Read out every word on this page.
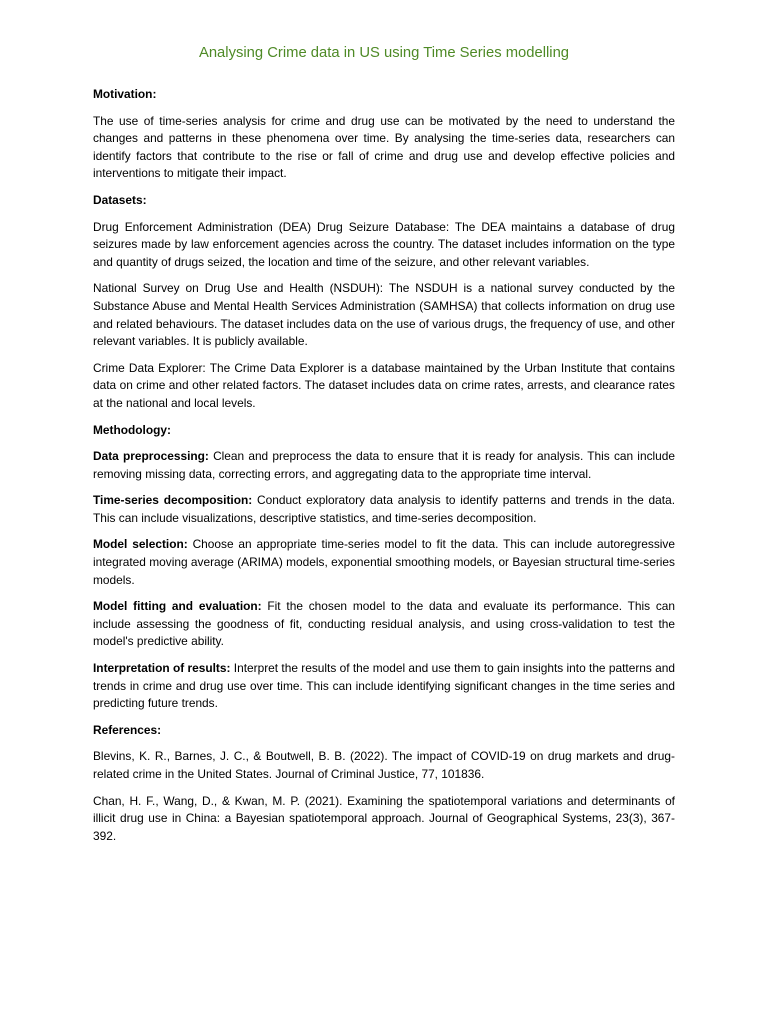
Analysing Crime data in US using Time Series modelling
Motivation:

The use of time-series analysis for crime and drug use can be motivated by the need to understand the changes and patterns in these phenomena over time. By analysing the time-series data, researchers can identify factors that contribute to the rise or fall of crime and drug use and develop effective policies and interventions to mitigate their impact.

Datasets:

Drug Enforcement Administration (DEA) Drug Seizure Database: The DEA maintains a database of drug seizures made by law enforcement agencies across the country. The dataset includes information on the type and quantity of drugs seized, the location and time of the seizure, and other relevant variables.

National Survey on Drug Use and Health (NSDUH): The NSDUH is a national survey conducted by the Substance Abuse and Mental Health Services Administration (SAMHSA) that collects information on drug use and related behaviours. The dataset includes data on the use of various drugs, the frequency of use, and other relevant variables. It is publicly available.

Crime Data Explorer: The Crime Data Explorer is a database maintained by the Urban Institute that contains data on crime and other related factors. The dataset includes data on crime rates, arrests, and clearance rates at the national and local levels.

Methodology:

Data preprocessing: Clean and preprocess the data to ensure that it is ready for analysis. This can include removing missing data, correcting errors, and aggregating data to the appropriate time interval.

Time-series decomposition: Conduct exploratory data analysis to identify patterns and trends in the data. This can include visualizations, descriptive statistics, and time-series decomposition.

Model selection: Choose an appropriate time-series model to fit the data. This can include autoregressive integrated moving average (ARIMA) models, exponential smoothing models, or Bayesian structural time-series models.

Model fitting and evaluation: Fit the chosen model to the data and evaluate its performance. This can include assessing the goodness of fit, conducting residual analysis, and using cross-validation to test the model's predictive ability.

Interpretation of results: Interpret the results of the model and use them to gain insights into the patterns and trends in crime and drug use over time. This can include identifying significant changes in the time series and predicting future trends.

References:

Blevins, K. R., Barnes, J. C., & Boutwell, B. B. (2022). The impact of COVID-19 on drug markets and drug-related crime in the United States. Journal of Criminal Justice, 77, 101836.

Chan, H. F., Wang, D., & Kwan, M. P. (2021). Examining the spatiotemporal variations and determinants of illicit drug use in China: a Bayesian spatiotemporal approach. Journal of Geographical Systems, 23(3), 367-392.
